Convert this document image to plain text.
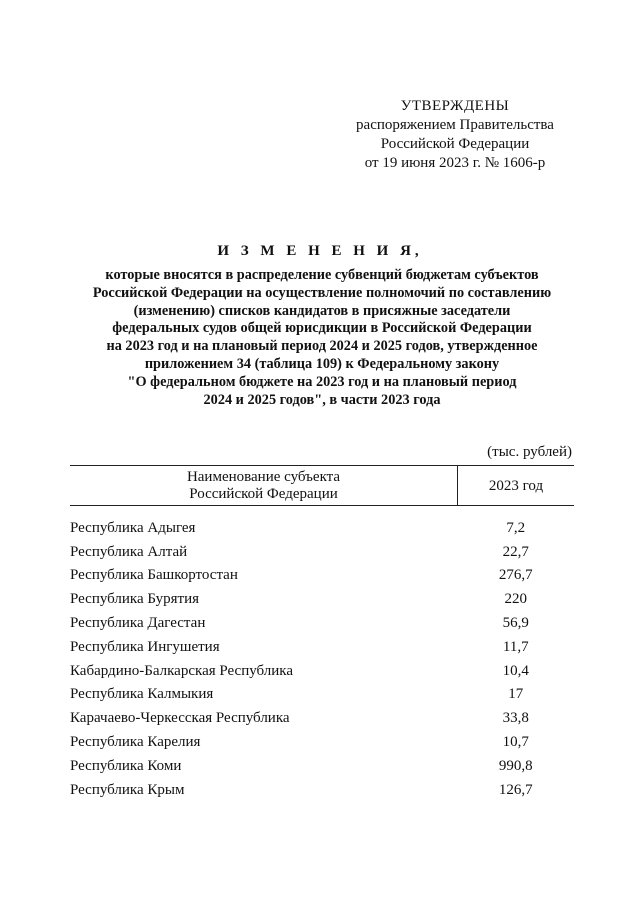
УТВЕРЖДЕНЫ
распоряжением Правительства
Российской Федерации
от 19 июня 2023 г. № 1606-р
И З М Е Н Е Н И Я,
которые вносятся в распределение субвенций бюджетам субъектов
Российской Федерации на осуществление полномочий по составлению
(изменению) списков кандидатов в присяжные заседатели
федеральных судов общей юрисдикции в Российской Федерации
на 2023 год и на плановый период 2024 и 2025 годов, утвержденное
приложением 34 (таблица 109) к Федеральному закону
"О федеральном бюджете на 2023 год и на плановый период
2024 и 2025 годов", в части 2023 года
(тыс. рублей)
Наименование субъекта
Российской Федерации	2023 год

Республика Адыгея	7,2
Республика Алтай	22,7
Республика Башкортостан	276,7
Республика Бурятия	220
Республика Дагестан	56,9
Республика Ингушетия	11,7
Кабардино-Балкарская Республика	10,4
Республика Калмыкия	17
Карачаево-Черкесская Республика	33,8
Республика Карелия	10,7
Республика Коми	990,8
Республика Крым	126,7
